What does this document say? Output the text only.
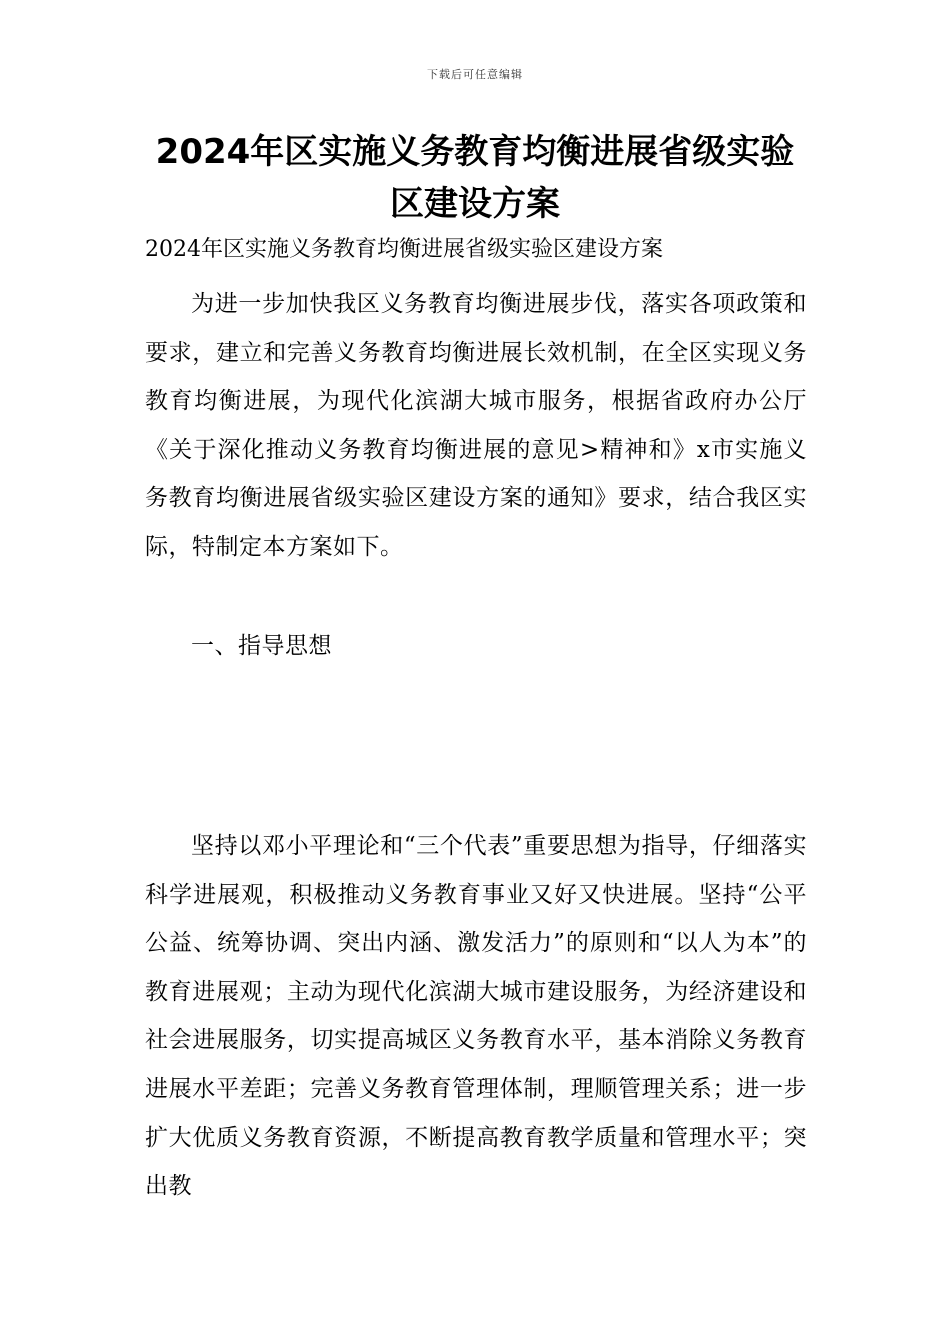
下载后可任意编辑
2024年区实施义务教育均衡进展省级实验区建设方案
2024年区实施义务教育均衡进展省级实验区建设方案

为进一步加快我区义务教育均衡进展步伐，落实各项政策和要求，建立和完善义务教育均衡进展长效机制，在全区实现义务教育均衡进展，为现代化滨湖大城市服务，根据省政府办公厅《关于深化推动义务教育均衡进展的意见>精神和》x市实施义务教育均衡进展省级实验区建设方案的通知》要求，结合我区实际，特制定本方案如下。

一、指导思想

坚持以邓小平理论和“三个代表”重要思想为指导，仔细落实科学进展观，积极推动义务教育事业又好又快进展。坚持“公平公益、统筹协调、突出内涵、激发活力”的原则和“以人为本”的教育进展观；主动为现代化滨湖大城市建设服务，为经济建设和社会进展服务，切实提高城区义务教育水平，基本消除义务教育进展水平差距；完善义务教育管理体制，理顺管理关系；进一步扩大优质义务教育资源，不断提高教育教学质量和管理水平；突出教
